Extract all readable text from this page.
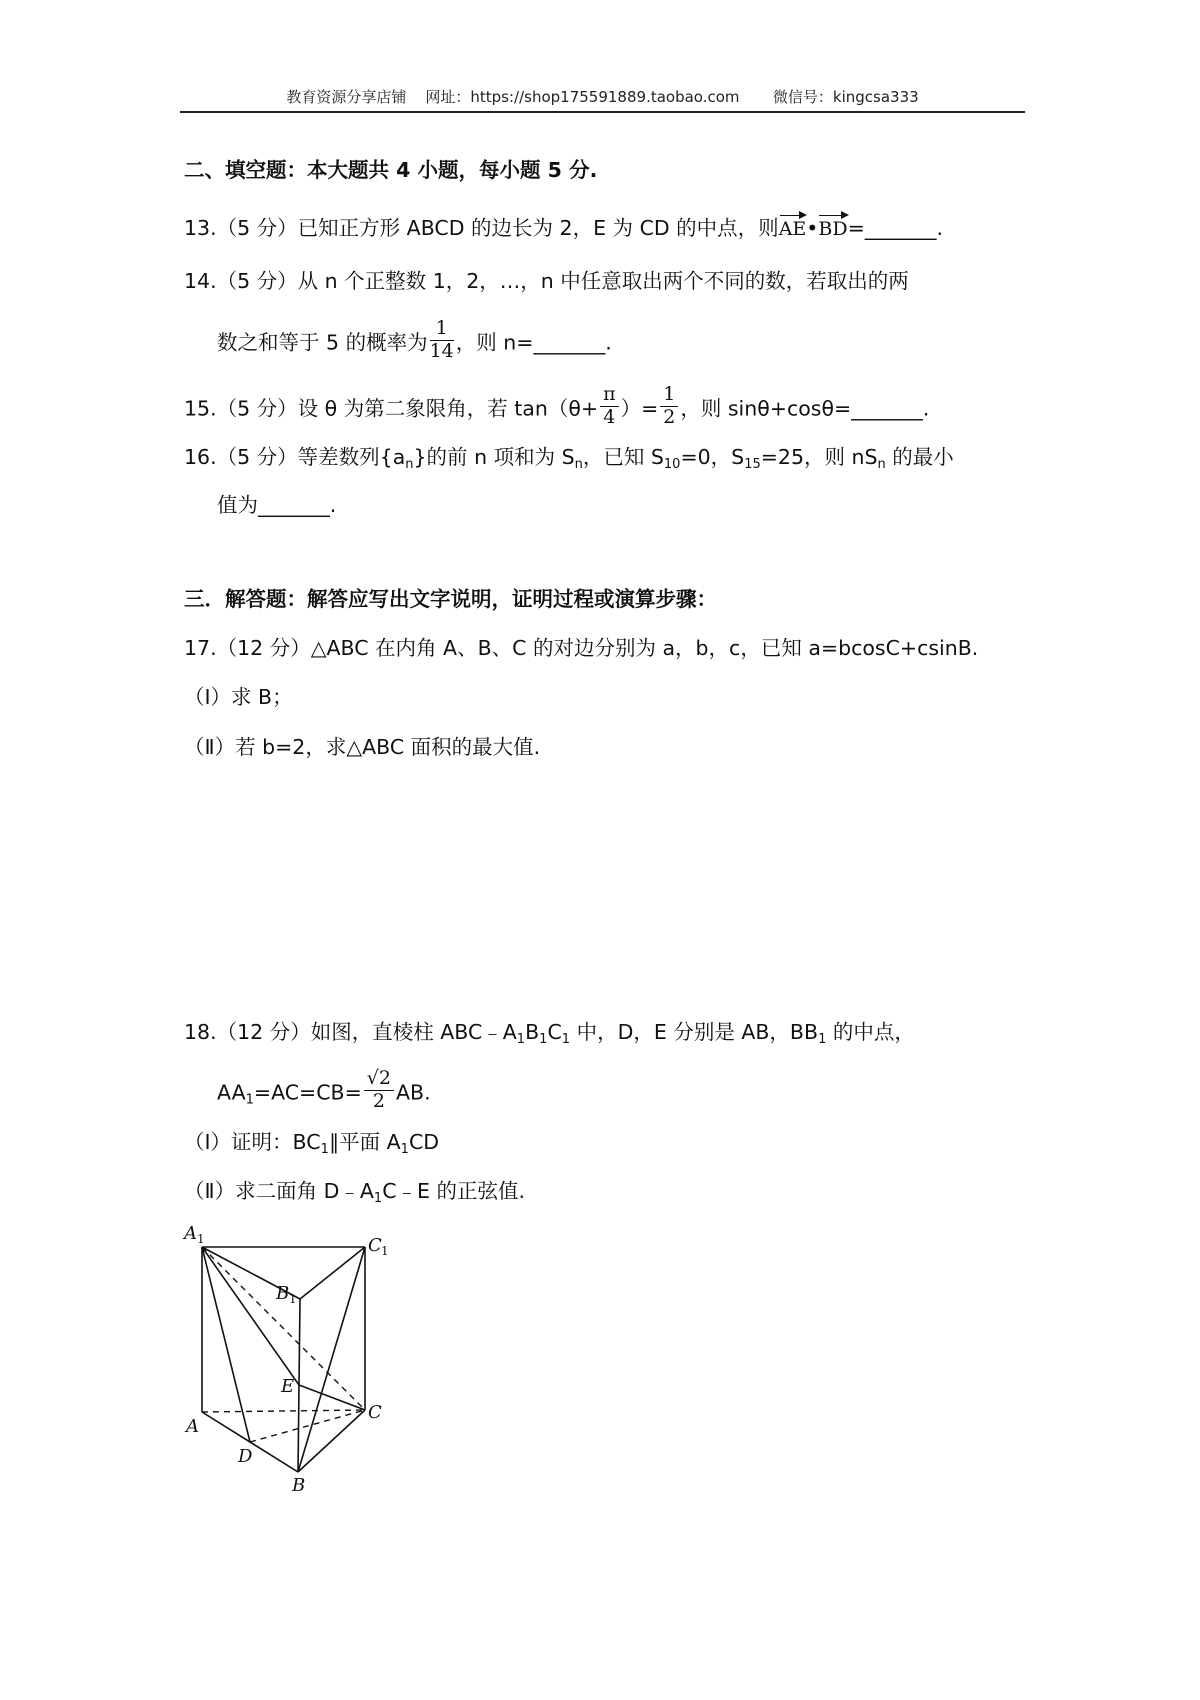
教育资源分享店铺    网址：https://shop175591889.taobao.com       微信号：kingcsa333
二、填空题：本大题共 4 小题，每小题 5 分.
13.（5 分）已知正方形 ABCD 的边长为 2，E 为 CD 的中点，则AE•BD=_______.
14.（5 分）从 n 个正整数 1，2，…，n 中任意取出两个不同的数，若取出的两
数之和等于 5 的概率为 $\frac{1}{14}$ ，则 n=_______.
15.（5 分）设 θ 为第二象限角，若 $\tan(\theta+ \frac{\pi}{4}$ ）= $\frac{1}{2}$ ，则 sinθ+cosθ=_______.
16.（5 分）等差数列$\{a_n\}$的前 n 项和为 $S_n$，已知 $S_{10}=0$，$S_{15}=25$，则 $nS_n$ 的最小
值为_______.
三．解答题：解答应写出文字说明，证明过程或演算步骤：
17.（12 分）△ABC 在内角 A、B、C 的对边分别为 a，b，c，已知 a=bcosC+csinB.
（Ⅰ）求 B；
（Ⅱ）若 b=2，求△ABC 面积的最大值.
18.（12 分）如图，直棱柱 $ABC﹣A_1B_1C_1$ 中，D，E 分别是 AB，$BB_1$ 的中点，
$AA_1=AC=CB= \frac{√2}{2}$ AB.
（Ⅰ）证明：$BC_1\parallel$平面 $A_1CD$
（Ⅱ）求二面角 $D﹣A_1C﹣E$ 的正弦值.
A 1	C 1
B 1
E
A
C
D
B
